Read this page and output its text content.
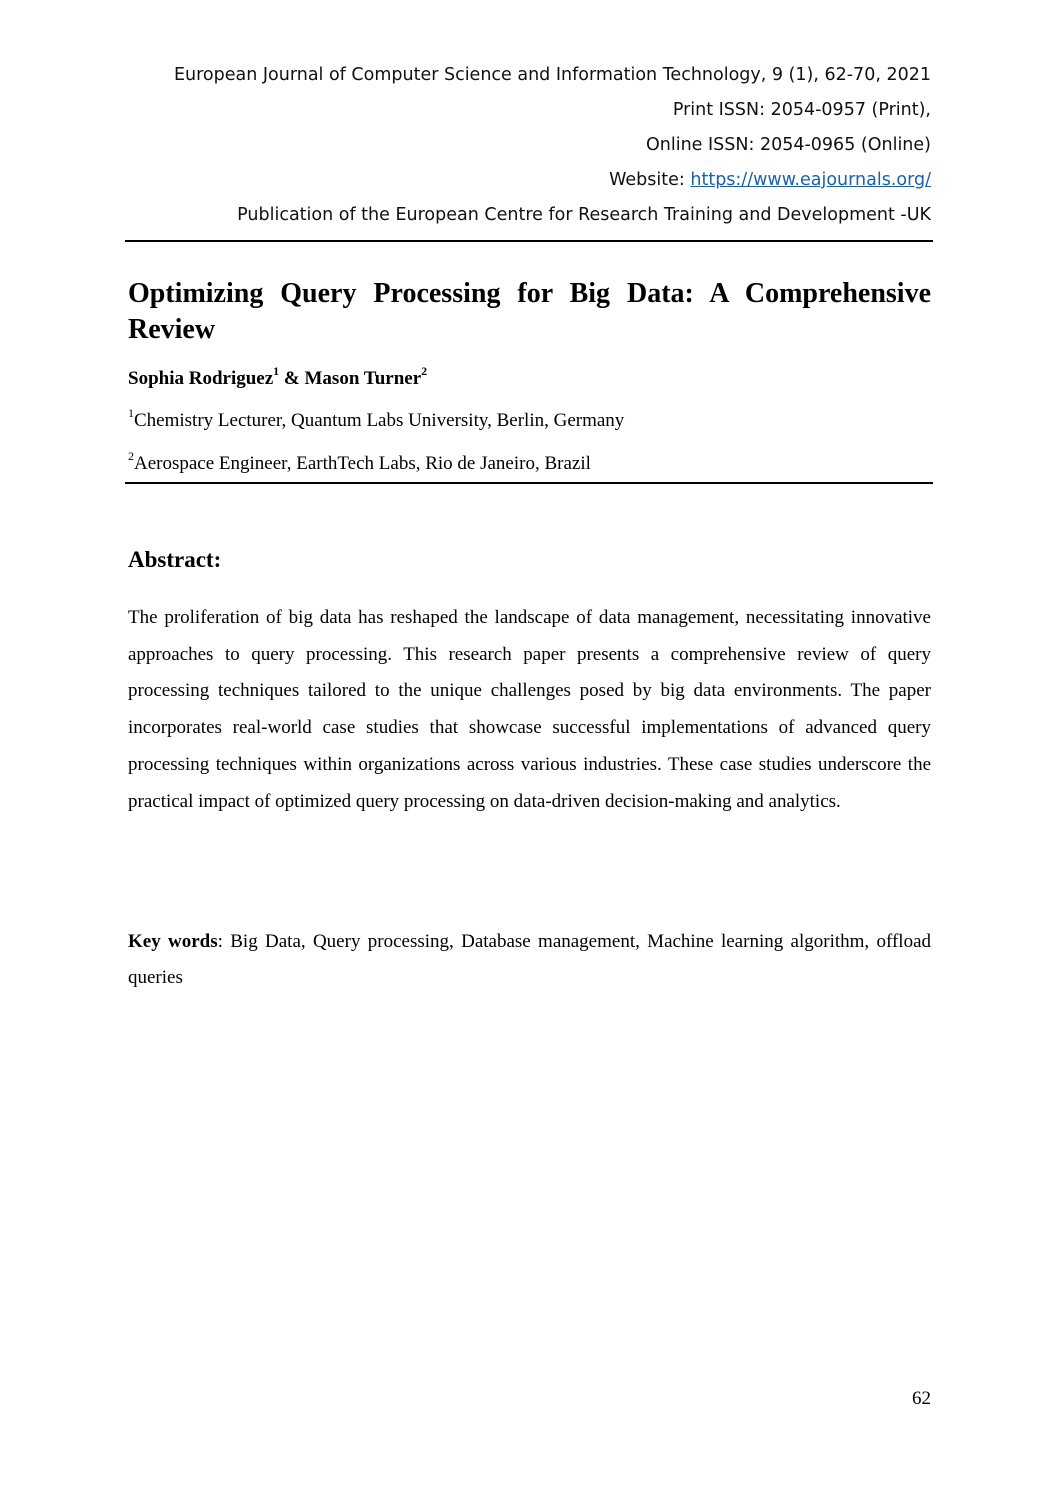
European Journal of Computer Science and Information Technology, 9 (1), 62-70, 2021
Print ISSN: 2054-0957 (Print),
Online ISSN: 2054-0965 (Online)
Website: https://www.eajournals.org/
Publication of the European Centre for Research Training and Development -UK
Optimizing Query Processing for Big Data: A Comprehensive Review
Sophia Rodriguez$^1$ & Mason Turner$^2$
$^1$Chemistry Lecturer, Quantum Labs University, Berlin, Germany
$^2$Aerospace Engineer, EarthTech Labs, Rio de Janeiro, Brazil
Abstract:
The proliferation of big data has reshaped the landscape of data management, necessitating innovative approaches to query processing. This research paper presents a comprehensive review of query processing techniques tailored to the unique challenges posed by big data environments. The paper incorporates real-world case studies that showcase successful implementations of advanced query processing techniques within organizations across various industries. These case studies underscore the practical impact of optimized query processing on data-driven decision-making and analytics.
Key words: Big Data, Query processing, Database management, Machine learning algorithm, offload queries
62
